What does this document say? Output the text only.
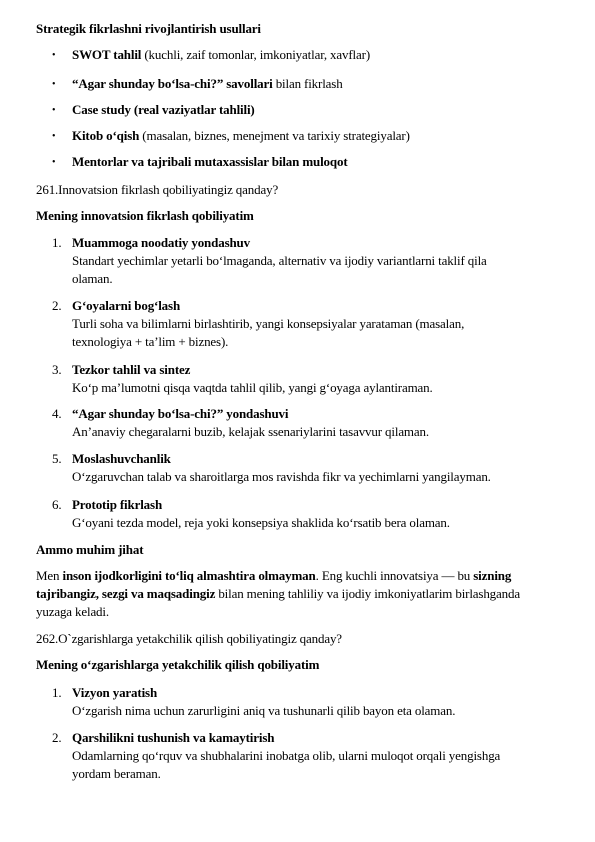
Strategik fikrlashni rivojlantirish usullari
• SWOT tahlil (kuchli, zaif tomonlar, imkoniyatlar, xavflar)
• “Agar shunday bo‘lsa-chi?” savollari bilan fikrlash
• Case study (real vaziyatlar tahlili)
• Kitob o‘qish (masalan, biznes, menejment va tarixiy strategiyalar)
• Mentorlar va tajribali mutaxassislar bilan muloqot
261.Innovatsion fikrlash qobiliyatingiz qanday?
Mening innovatsion fikrlash qobiliyatim
1. Muammoga noodatiy yondashuv
Standart yechimlar yetarli bo‘lmaganda, alternativ va ijodiy variantlarni taklif qila
olaman.
2. G‘oyalarni bog‘lash
Turli soha va bilimlarni birlashtirib, yangi konsepsiyalar yarataman (masalan,
texnologiya + ta’lim + biznes).
3. Tezkor tahlil va sintez
Ko‘p ma’lumotni qisqa vaqtda tahlil qilib, yangi g‘oyaga aylantiraman.
4. “Agar shunday bo‘lsa-chi?” yondashuvi
An’anaviy chegaralarni buzib, kelajak ssenariylarini tasavvur qilaman.
5. Moslashuvchanlik
O‘zgaruvchan talab va sharoitlarga mos ravishda fikr va yechimlarni yangilayman.
6. Prototip fikrlash
G‘oyani tezda model, reja yoki konsepsiya shaklida ko‘rsatib bera olaman.
Ammo muhim jihat
Men inson ijodkorligini to‘liq almashtira olmayman. Eng kuchli innovatsiya — bu sizning
tajribangiz, sezgi va maqsadingiz bilan mening tahliliy va ijodiy imkoniyatlarim birlashganda
yuzaga keladi.
262.O`zgarishlarga yetakchilik qilish qobiliyatingiz qanday?
Mening o‘zgarishlarga yetakchilik qilish qobiliyatim
1. Vizyon yaratish
O‘zgarish nima uchun zarurligini aniq va tushunarli qilib bayon eta olaman.
2. Qarshilikni tushunish va kamaytirish
Odamlarning qo‘rquv va shubhalarini inobatga olib, ularni muloqot orqali yengishga
yordam beraman.
